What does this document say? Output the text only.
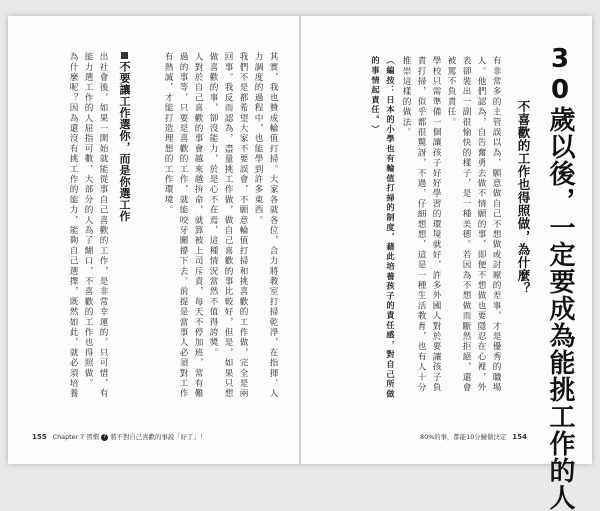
30歲以後，一定要成為能挑工作的人
不喜歡的工作也得照做，為什麼？

有非常多的主管誤以為，願意做自己不想做或討厭的差事，才是優秀的職場人。他們認為，自告奮勇去做不情願的事，即便不想做也要隱忍在心裡，外表卻裝出一副很愉快的樣子，是一種美德。若因為不想做而斷然拒絕，還會被罵不負責任。

學校只需準備一個讓孩子好好學習的環境就好，許多外國人對於要讓孩子負責打掃，似乎都很驚訝，不過，仔細想想，這是一種生活教育，也有人十分推崇這樣的做法。

（編按：日本的小學也有輪值打掃的制度，藉此培養孩子的責任感，對自己所做的事情起責任。）

80%的事，都能10分鐘做決定 154

其實，我也贊成輪值打掃。大家各就各位，合力將教室打掃乾淨，在指揮、人力調度的過程中，也能學到許多東西。

我們不是都希望大家不要誤會，不願意輪值打掃和挑喜歡的工作做，完全是兩回事。我反而認為，盡量挑工作做，做自己喜歡的事比較好，但是，如果只想做喜歡的事，卻沒能力，於是心不在焉，這種情況當然不值得誇獎。

人對於自己喜歡的事會越來越拚命，就算被上司斥責，每天不停加班，常有難過的事等，只要是喜歡的工作，就能咬牙關撐下去。前提是當事人必須對工作有熱誠，才能打造理想的工作環境。

不要讓工作選你，而是你選工作

出社會後，如果一開始就能從事自己喜歡的工作，是非常幸運的。只可惜，有能力選工作的人屈指可數，大部分的人為了餬口，不喜歡的工作也得照做。

為什麼呢？因為還沒有挑工作的能力，能夠自己選擇，既然如此，就必須培養

155 Chapter 7 習慣 7 將不對自己喜歡的事說「好了」！
